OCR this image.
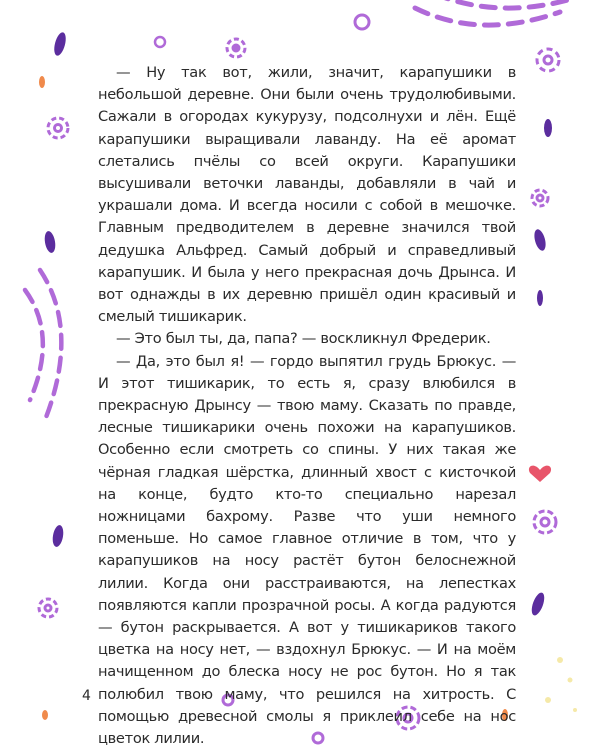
— Ну так вот, жили, значит, карапушики в небольшой деревне. Они были очень трудолюбивыми. Сажали в огородах кукурузу, подсолнухи и лён. Ещё карапушики выращивали лаванду. На её аромат слетались пчёлы со всей округи. Карапушики высушивали веточки лаванды, добавляли в чай и украшали дома. И всегда носили с собой в мешочке. Главным предводителем в деревне значился твой дедушка Альфред. Самый добрый и справедливый карапушик. И была у него прекрасная дочь Дрынса. И вот однажды в их деревню пришёл один красивый и смелый тишикарик.

— Это был ты, да, папа? — воскликнул Фредерик.

— Да, это был я! — гордо выпятил грудь Брюкус. — И этот тишикарик, то есть я, сразу влюбился в прекрасную Дрынсу — твою маму. Сказать по правде, лесные тишикарики очень похожи на карапушиков. Особенно если смотреть со спины. У них такая же чёрная гладкая шёрстка, длинный хвост с кисточкой на конце, будто кто-то специально нарезал ножницами бахрому. Разве что уши немного поменьше. Но самое главное отличие в том, что у карапушиков на носу растёт бутон белоснежной лилии. Когда они расстраиваются, на лепестках появляются капли прозрачной росы. А когда радуются — бутон раскрывается. А вот у тишикариков такого цветка на носу нет, — вздохнул Брюкус. — И на моём начищенном до блеска носу не рос бутон. Но я так полюбил твою маму, что решился на хитрость. С помощью древесной смолы я приклеил себе на нос цветок лилии.

4
